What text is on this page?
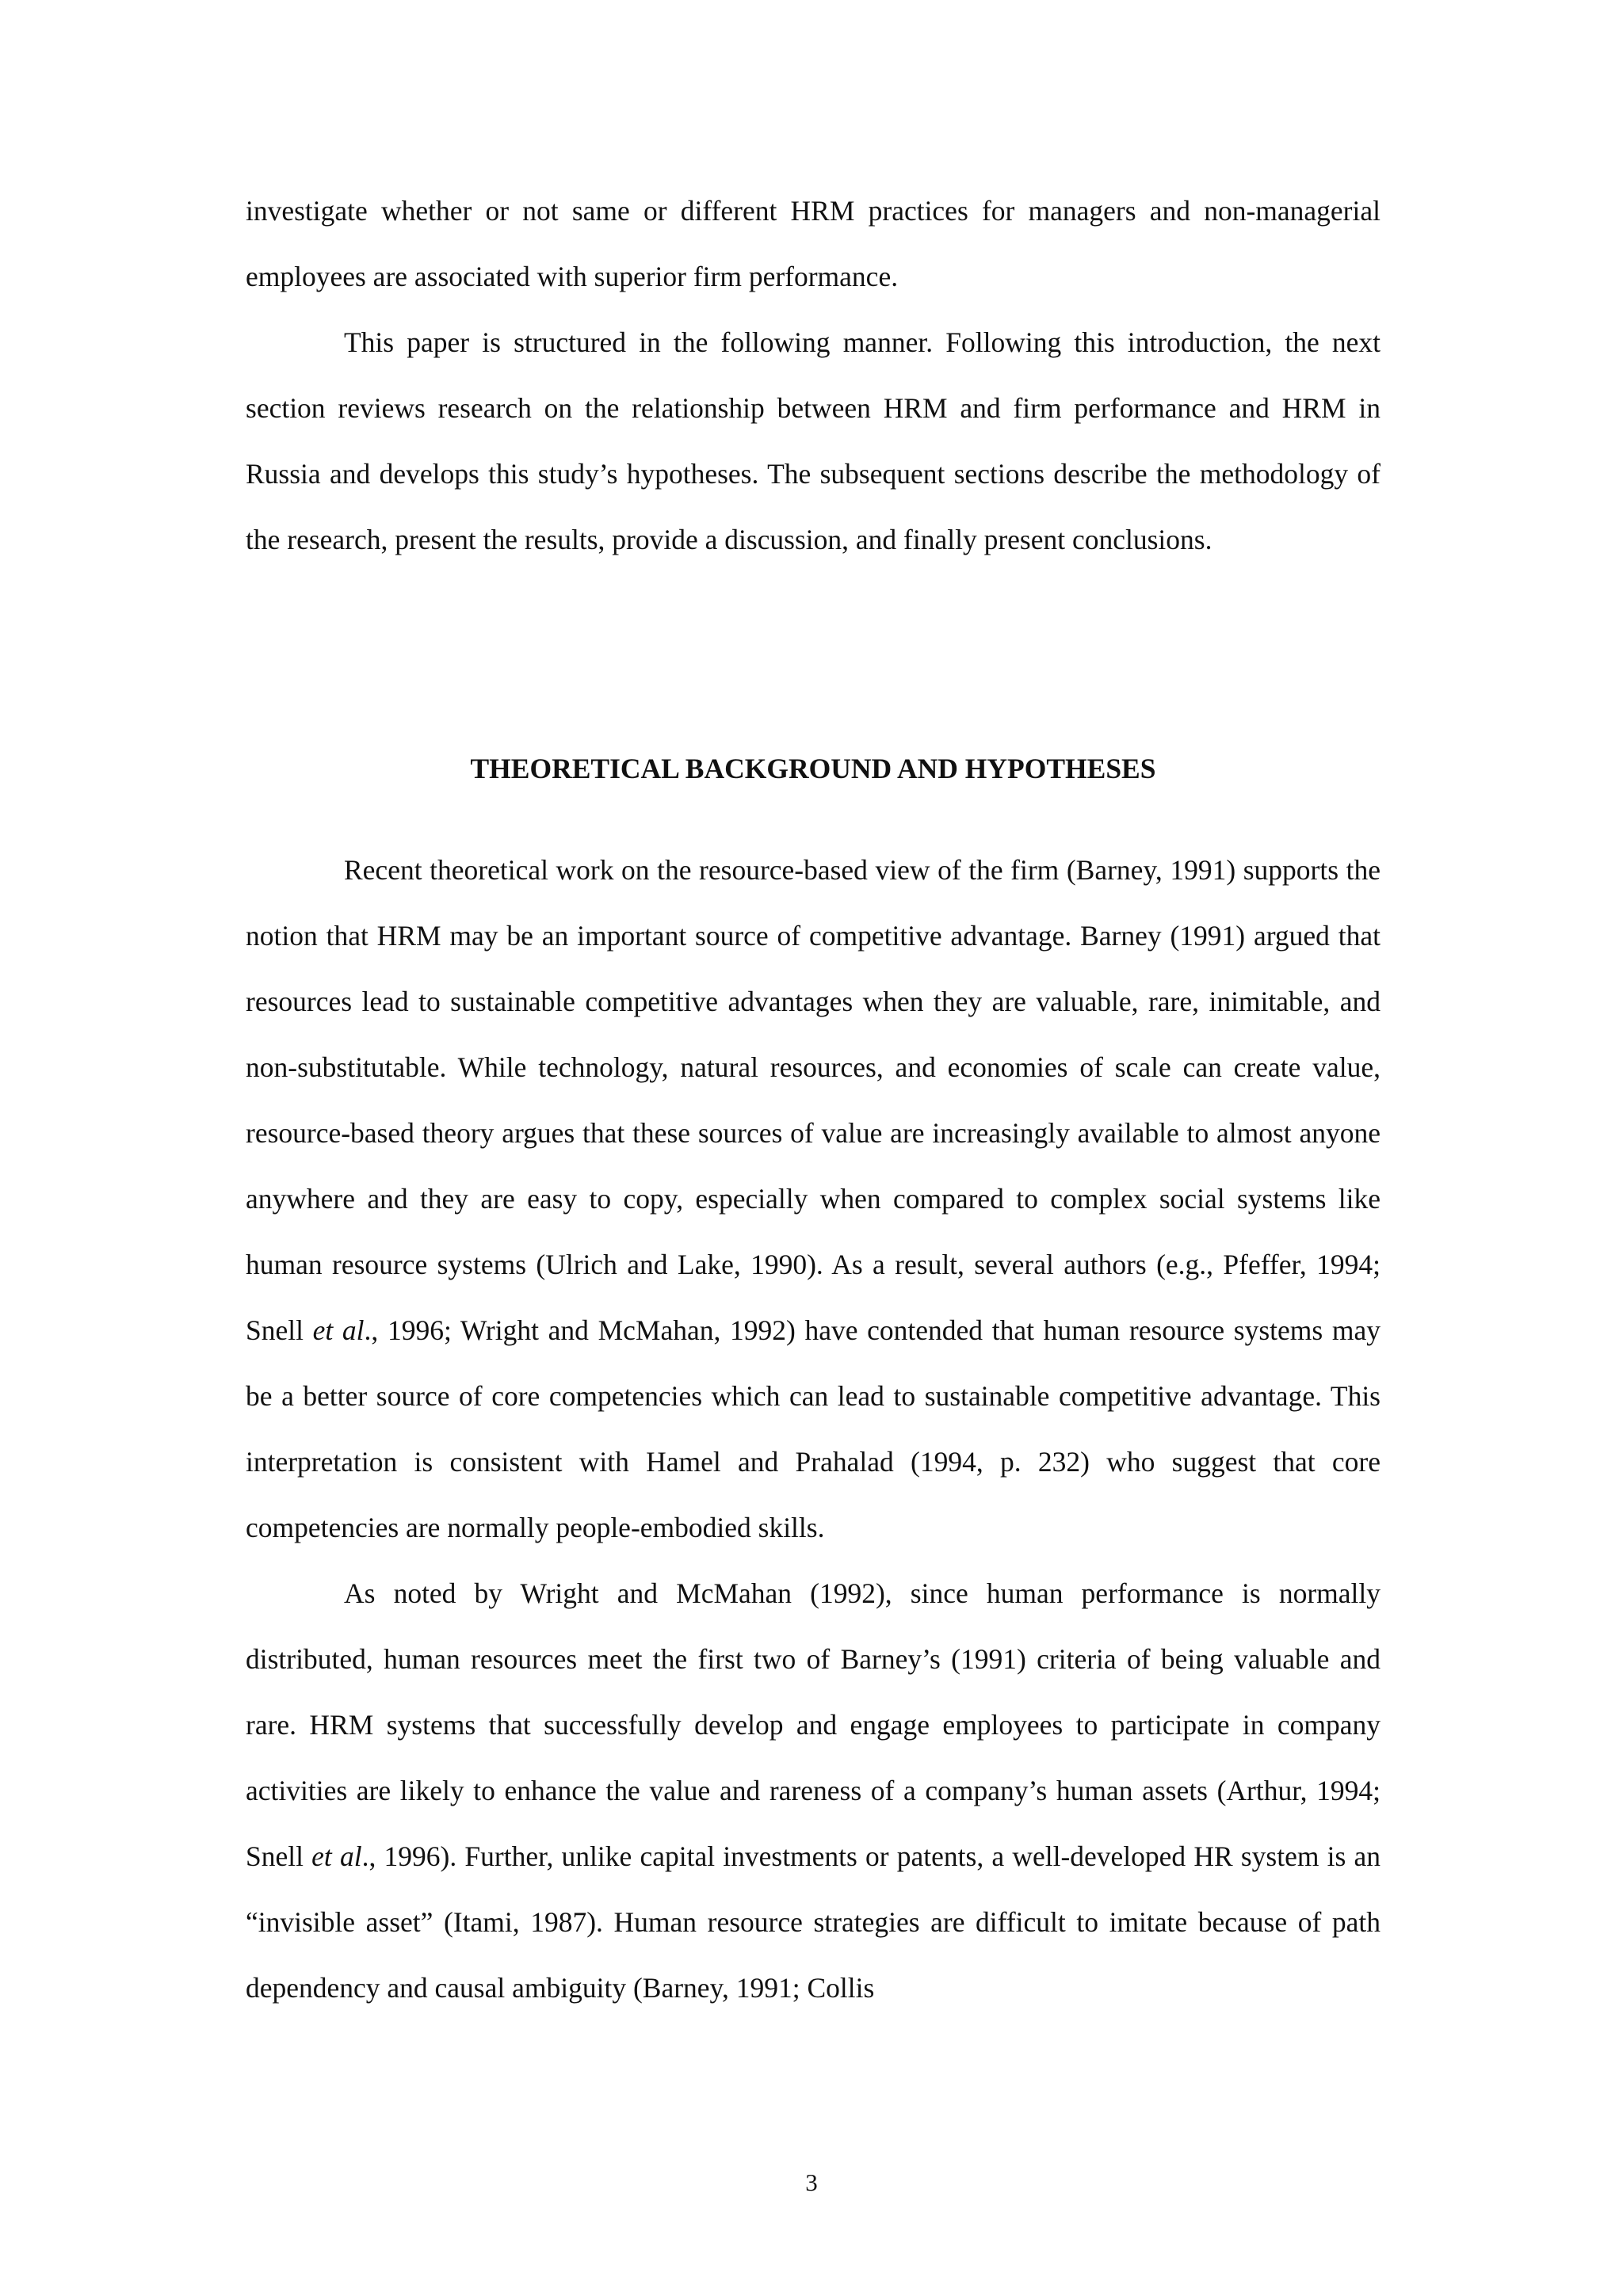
investigate whether or not same or different HRM practices for managers and non-managerial employees are associated with superior firm performance.

This paper is structured in the following manner. Following this introduction, the next section reviews research on the relationship between HRM and firm performance and HRM in Russia and develops this study’s hypotheses. The subsequent sections describe the methodology of the research, present the results, provide a discussion, and finally present conclusions.

THEORETICAL BACKGROUND AND HYPOTHESES

Recent theoretical work on the resource-based view of the firm (Barney, 1991) supports the notion that HRM may be an important source of competitive advantage. Barney (1991) argued that resources lead to sustainable competitive advantages when they are valuable, rare, inimitable, and non-substitutable. While technology, natural resources, and economies of scale can create value, resource-based theory argues that these sources of value are increasingly available to almost anyone anywhere and they are easy to copy, especially when compared to complex social systems like human resource systems (Ulrich and Lake, 1990). As a result, several authors (e.g., Pfeffer, 1994; Snell et al., 1996; Wright and McMahan, 1992) have contended that human resource systems may be a better source of core competencies which can lead to sustainable competitive advantage. This interpretation is consistent with Hamel and Prahalad (1994, p. 232) who suggest that core competencies are normally people-embodied skills.

As noted by Wright and McMahan (1992), since human performance is normally distributed, human resources meet the first two of Barney’s (1991) criteria of being valuable and rare. HRM systems that successfully develop and engage employees to participate in company activities are likely to enhance the value and rareness of a company’s human assets (Arthur, 1994; Snell et al., 1996). Further, unlike capital investments or patents, a well-developed HR system is an “invisible asset” (Itami, 1987). Human resource strategies are difficult to imitate because of path dependency and causal ambiguity (Barney, 1991; Collis

3
